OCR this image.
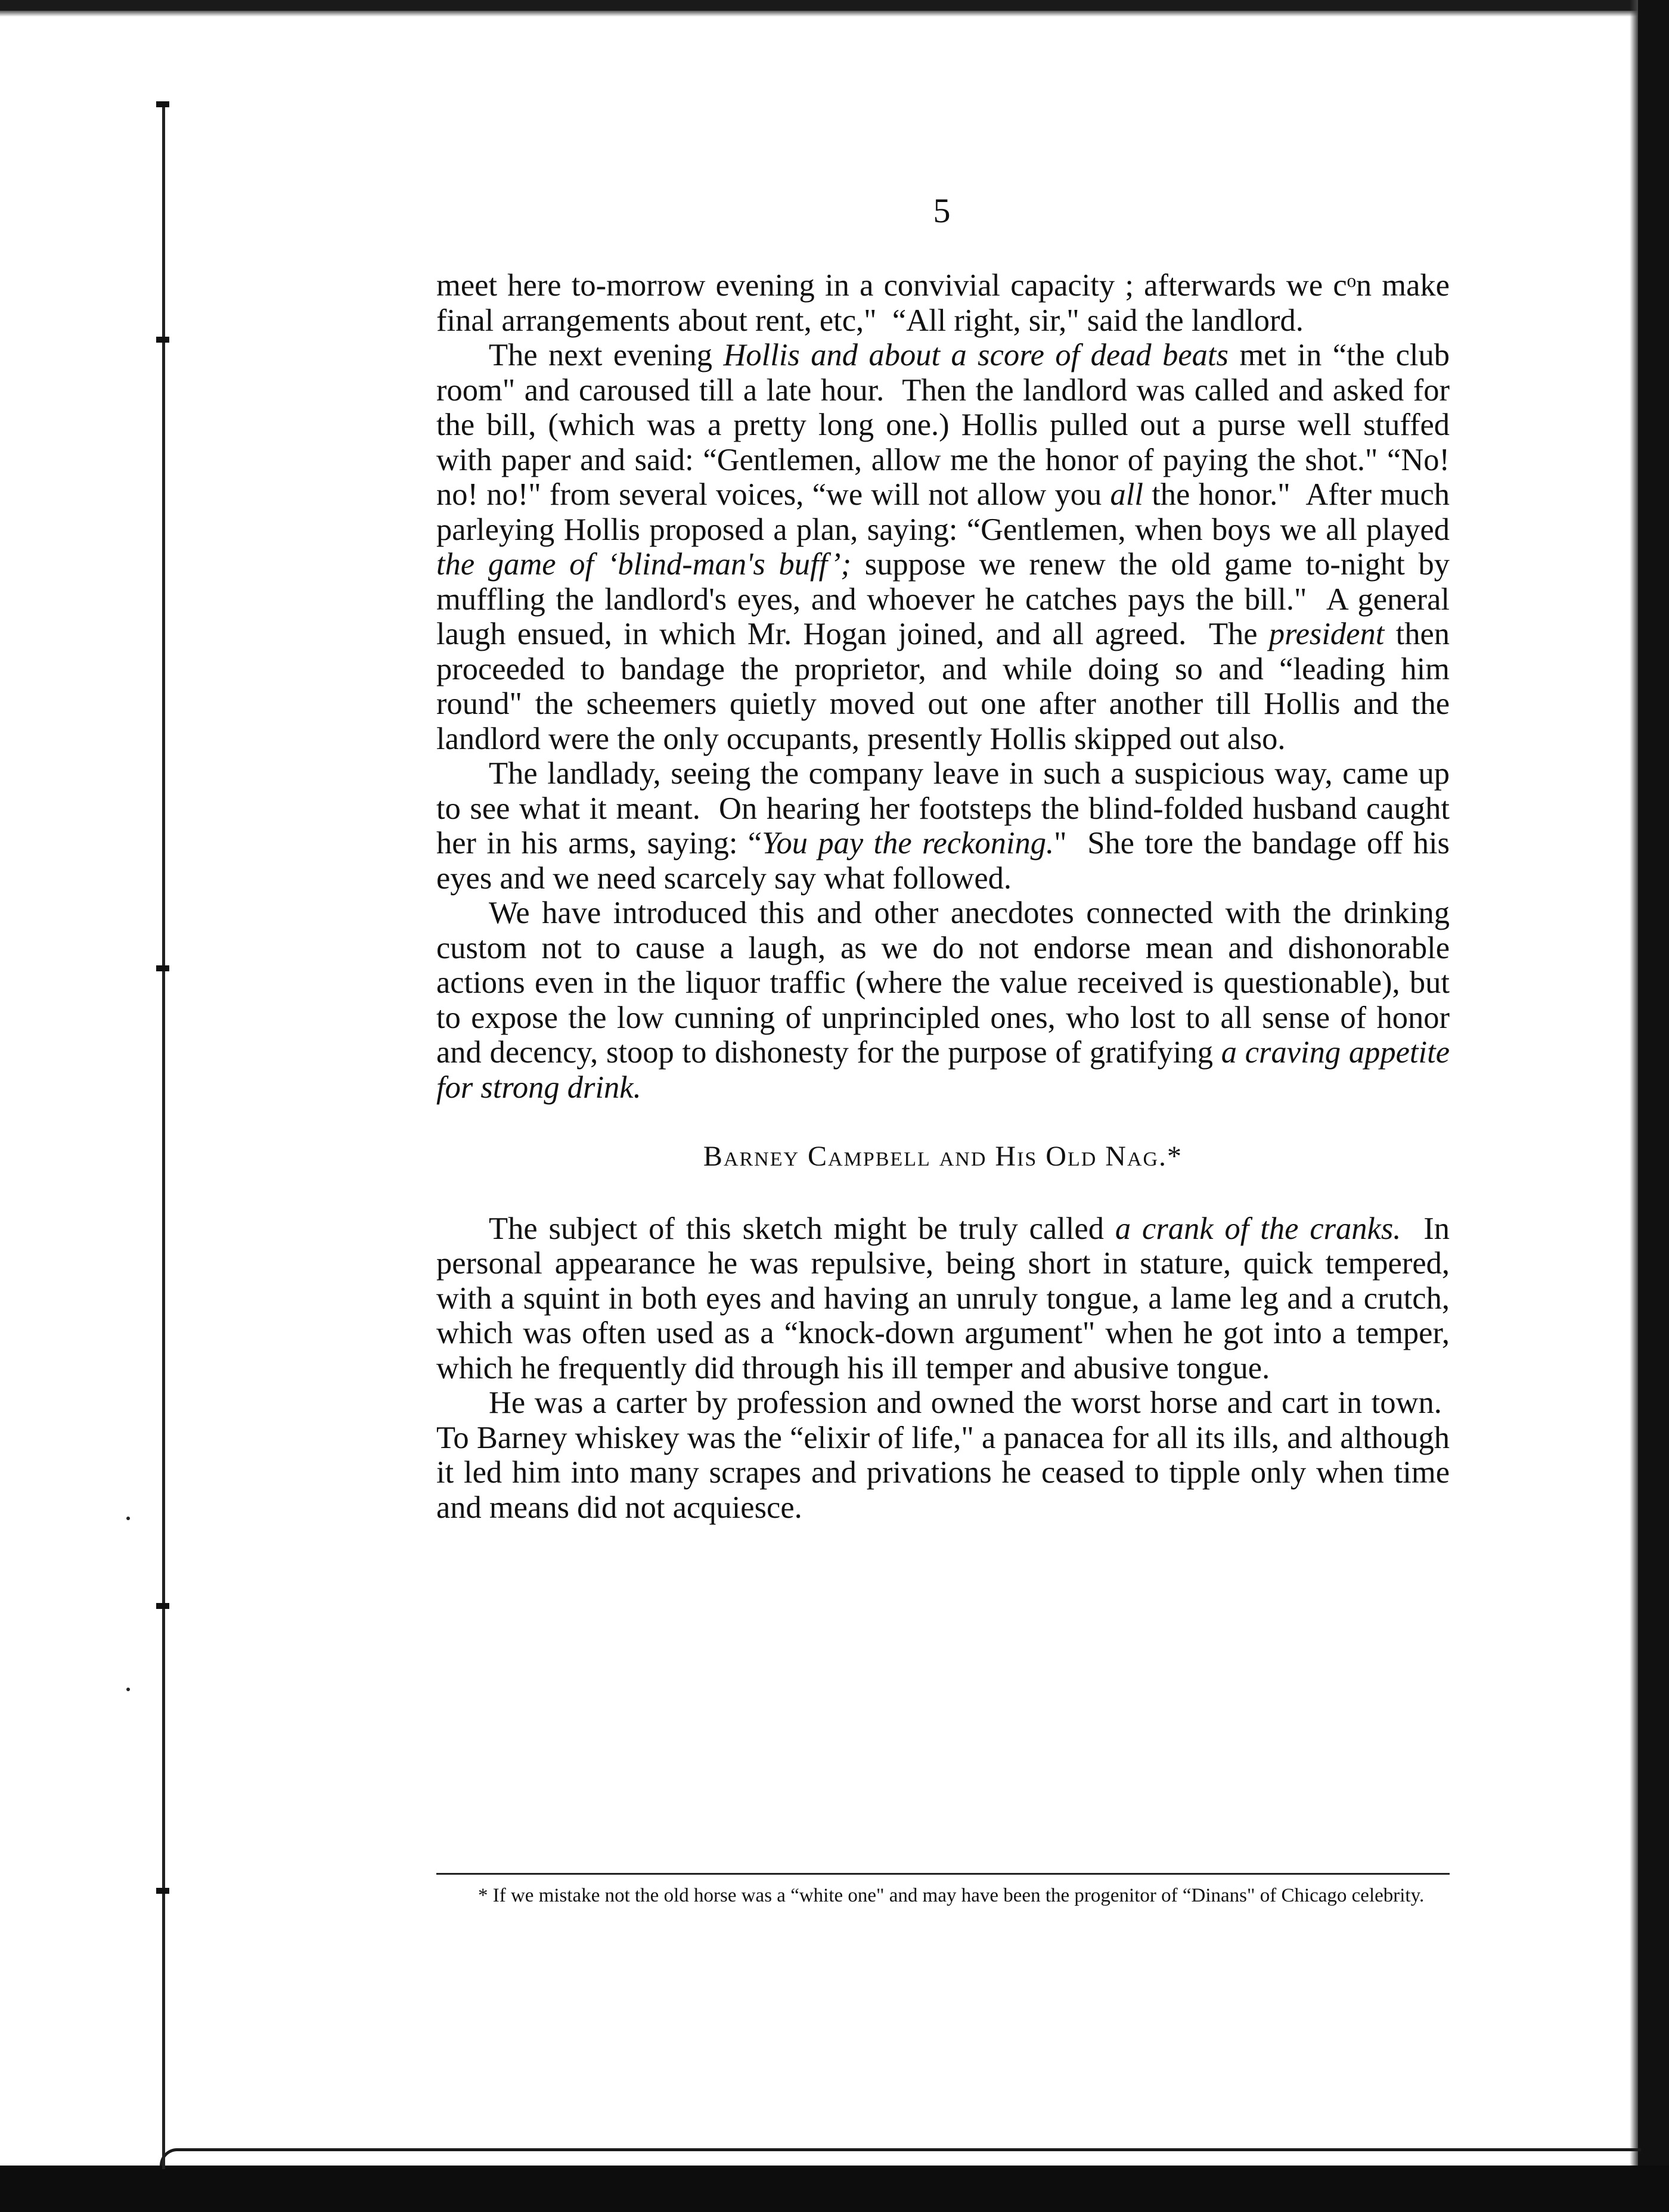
5

meet here to-morrow evening in a convivial capacity ; afterwards we cᵒn make final arrangements about rent, etc,"  “All right, sir," said the landlord.

The next evening Hollis and about a score of dead beats met in “the club room" and caroused till a late hour.  Then the landlord was called and asked for the bill, (which was a pretty long one.) Hollis pulled out a purse well stuffed with paper and said: “Gentlemen, allow me the honor of paying the shot." “No! no! no!" from several voices, “we will not allow you all the honor."  After much parleying Hollis proposed a plan, saying: “Gentlemen, when boys we all played the game of ‘blind-man's buff’; suppose we renew the old game to-night by muffling the landlord's eyes, and whoever he catches pays the bill."  A general laugh ensued, in which Mr. Hogan joined, and all agreed.  The president then proceeded to bandage the proprietor, and while doing so and “leading him round" the scheemers quietly moved out one after another till Hollis and the landlord were the only occupants, presently Hollis skipped out also.

The landlady, seeing the company leave in such a suspicious way, came up to see what it meant.  On hearing her footsteps the blind-folded husband caught her in his arms, saying: “You pay the reckoning."  She tore the bandage off his eyes and we need scarcely say what followed.

We have introduced this and other anecdotes connected with the drinking custom not to cause a laugh, as we do not endorse mean and dishonorable actions even in the liquor traffic (where the value received is questionable), but to expose the low cunning of unprincipled ones, who lost to all sense of honor and decency, stoop to dishonesty for the purpose of gratifying a craving appetite for strong drink.

Barney Campbell and His Old Nag.*

The subject of this sketch might be truly called a crank of the cranks.  In personal appearance he was repulsive, being short in stature, quick tempered, with a squint in both eyes and having an unruly tongue, a lame leg and a crutch, which was often used as a “knock-down argument" when he got into a temper, which he frequently did through his ill temper and abusive tongue.

He was a carter by profession and owned the worst horse and cart in town.  To Barney whiskey was the “elixir of life," a panacea for all its ills, and although it led him into many scrapes and privations he ceased to tipple only when time and means did not acquiesce.

* If we mistake not the old horse was a “white one" and may have been the progenitor of “Dinans" of Chicago celebrity.
